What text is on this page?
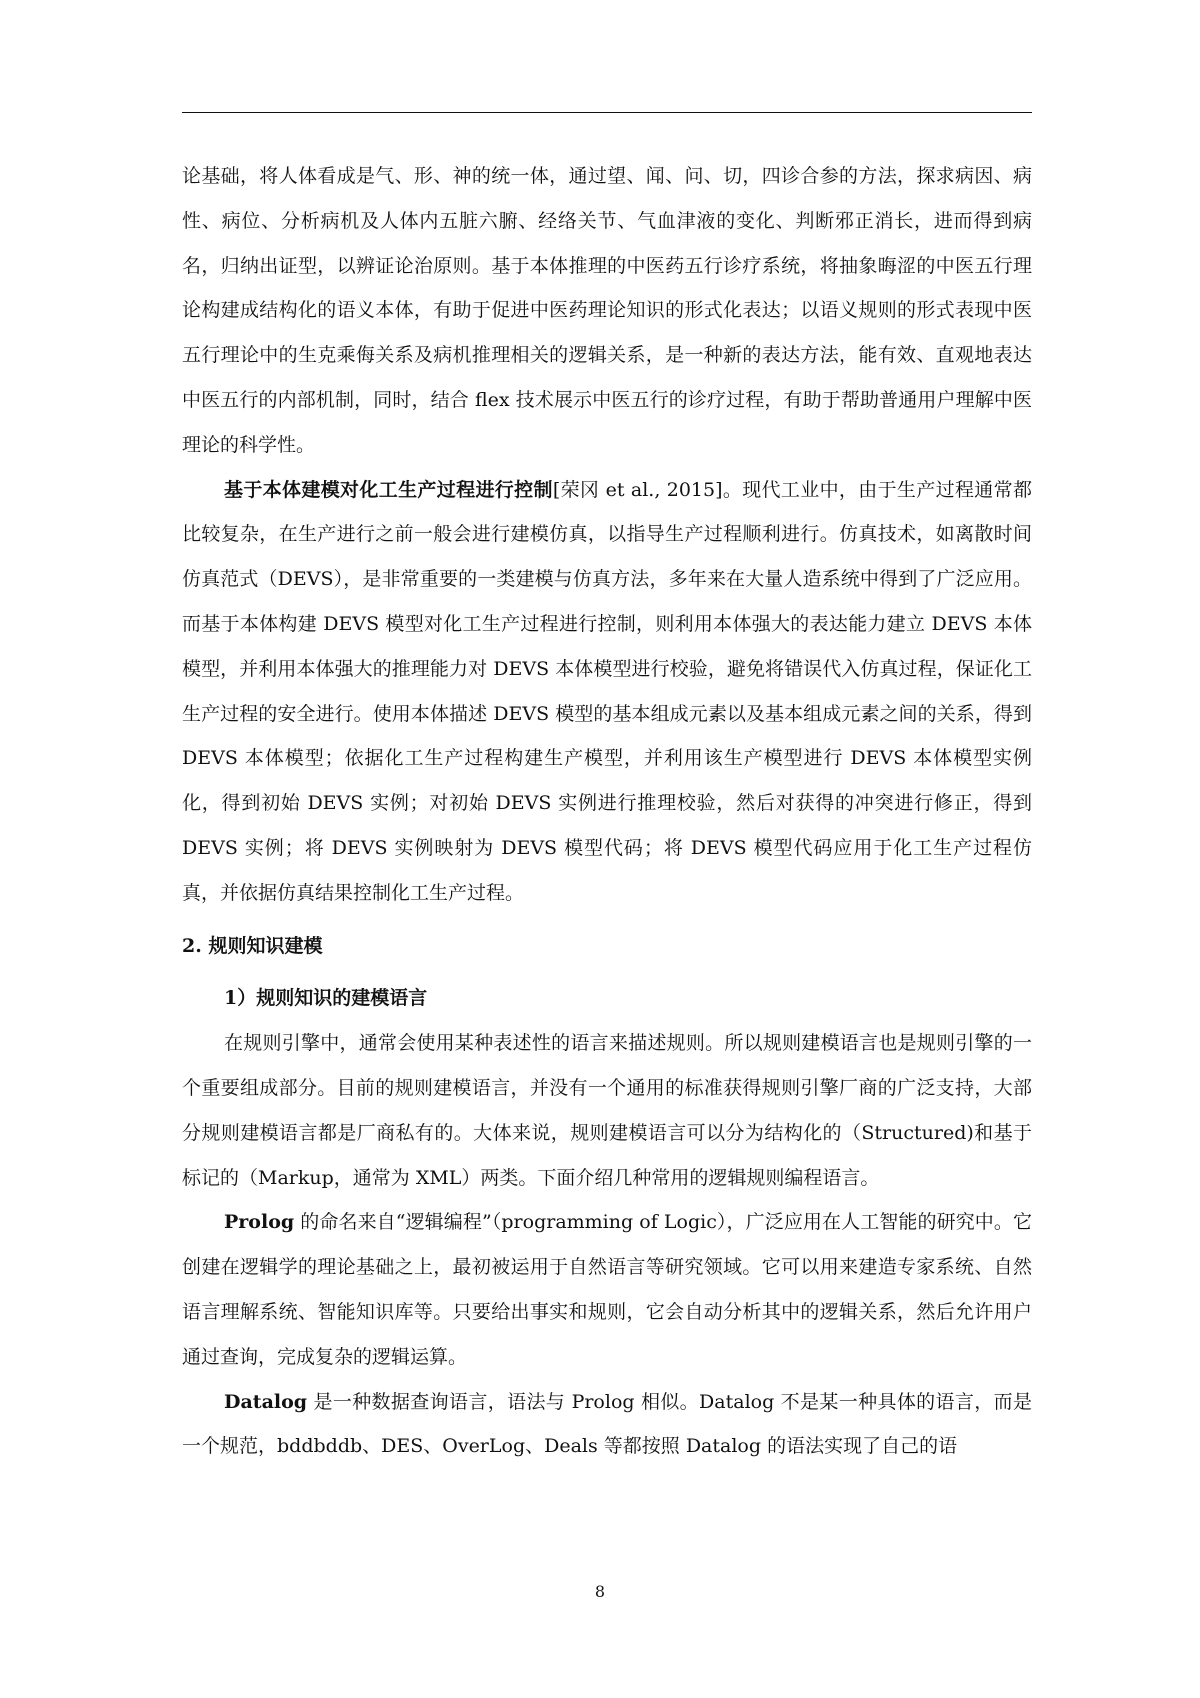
论基础，将人体看成是气、形、神的统一体，通过望、闻、问、切，四诊合参的方法，探求病因、病性、病位、分析病机及人体内五脏六腑、经络关节、气血津液的变化、判断邪正消长，进而得到病名，归纳出证型，以辨证论治原则。基于本体推理的中医药五行诊疗系统，将抽象晦涩的中医五行理论构建成结构化的语义本体，有助于促进中医药理论知识的形式化表达；以语义规则的形式表现中医五行理论中的生克乘侮关系及病机推理相关的逻辑关系，是一种新的表达方法，能有效、直观地表达中医五行的内部机制，同时，结合 flex 技术展示中医五行的诊疗过程，有助于帮助普通用户理解中医理论的科学性。

基于本体建模对化工生产过程进行控制[荣冈 et al., 2015]。现代工业中，由于生产过程通常都比较复杂，在生产进行之前一般会进行建模仿真，以指导生产过程顺利进行。仿真技术，如离散时间仿真范式（DEVS），是非常重要的一类建模与仿真方法，多年来在大量人造系统中得到了广泛应用。而基于本体构建 DEVS 模型对化工生产过程进行控制，则利用本体强大的表达能力建立 DEVS 本体模型，并利用本体强大的推理能力对 DEVS 本体模型进行校验，避免将错误代入仿真过程，保证化工生产过程的安全进行。使用本体描述 DEVS 模型的基本组成元素以及基本组成元素之间的关系，得到 DEVS 本体模型；依据化工生产过程构建生产模型，并利用该生产模型进行 DEVS 本体模型实例化，得到初始 DEVS 实例；对初始 DEVS 实例进行推理校验，然后对获得的冲突进行修正，得到 DEVS 实例；将 DEVS 实例映射为 DEVS 模型代码；将 DEVS 模型代码应用于化工生产过程仿真，并依据仿真结果控制化工生产过程。

2. 规则知识建模
1）规则知识的建模语言

在规则引擎中，通常会使用某种表述性的语言来描述规则。所以规则建模语言也是规则引擎的一个重要组成部分。目前的规则建模语言，并没有一个通用的标准获得规则引擎厂商的广泛支持，大部分规则建模语言都是厂商私有的。大体来说，规则建模语言可以分为结构化的（Structured)和基于标记的（Markup，通常为 XML）两类。下面介绍几种常用的逻辑规则编程语言。

Prolog 的命名来自“逻辑编程”（programming of Logic），广泛应用在人工智能的研究中。它创建在逻辑学的理论基础之上，最初被运用于自然语言等研究领域。它可以用来建造专家系统、自然语言理解系统、智能知识库等。只要给出事实和规则，它会自动分析其中的逻辑关系，然后允许用户通过查询，完成复杂的逻辑运算。

Datalog 是一种数据查询语言，语法与 Prolog 相似。Datalog 不是某一种具体的语言，而是一个规范，bddbddb、DES、OverLog、Deals 等都按照 Datalog 的语法实现了自己的语

8
